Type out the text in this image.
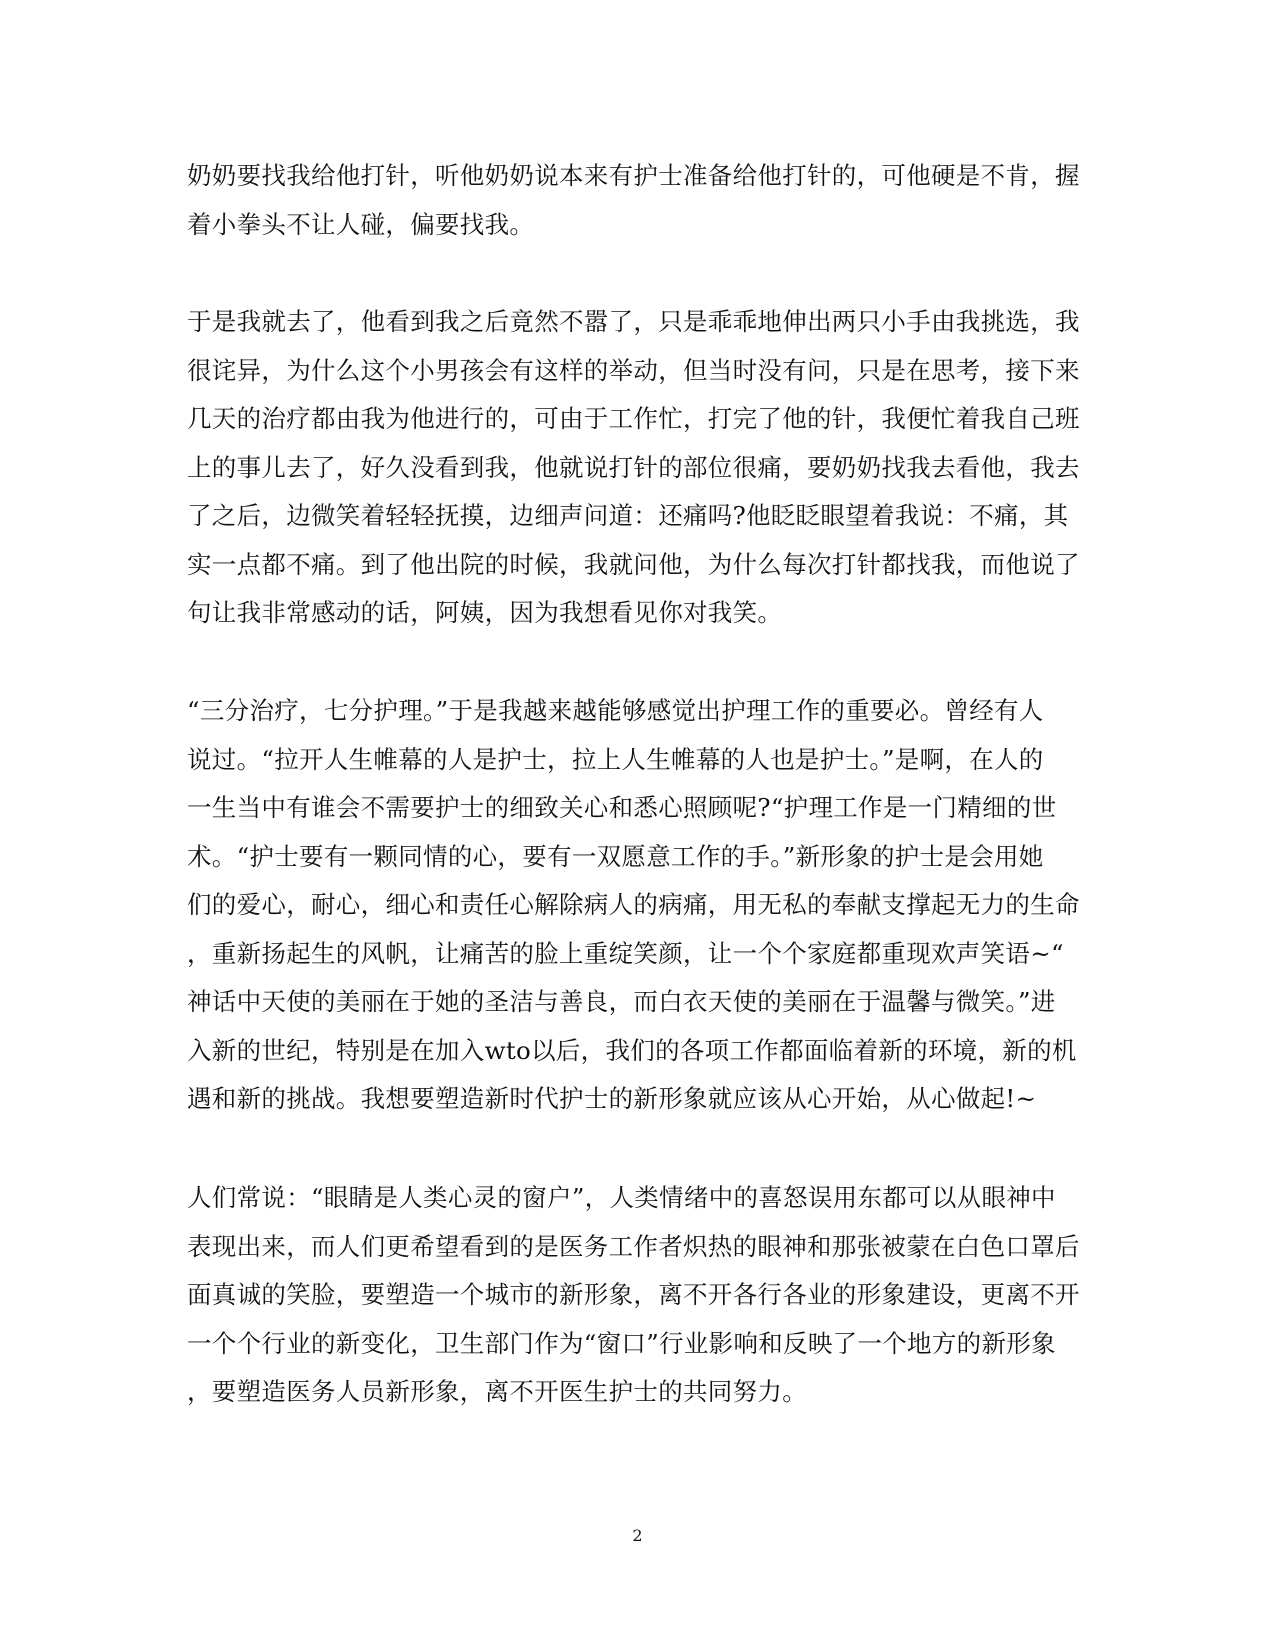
奶奶要找我给他打针，听他奶奶说本来有护士准备给他打针的，可他硬是不肯，握
着小拳头不让人碰，偏要找我。
于是我就去了，他看到我之后竟然不嚣了，只是乖乖地伸出两只小手由我挑选，我
很诧异，为什么这个小男孩会有这样的举动，但当时没有问，只是在思考，接下来
几天的治疗都由我为他进行的，可由于工作忙，打完了他的针，我便忙着我自己班
上的事儿去了，好久没看到我，他就说打针的部位很痛，要奶奶找我去看他，我去
了之后，边微笑着轻轻抚摸，边细声问道：还痛吗?他眨眨眼望着我说：不痛，其
实一点都不痛。到了他出院的时候，我就问他，为什么每次打针都找我，而他说了
句让我非常感动的话，阿姨，因为我想看见你对我笑。
“三分治疗，七分护理。”于是我越来越能够感觉出护理工作的重要必。曾经有人
说过。“拉开人生帷幕的人是护士，拉上人生帷幕的人也是护士。”是啊，在人的
一生当中有谁会不需要护士的细致关心和悉心照顾呢?“护理工作是一门精细的世
术。“护士要有一颗同情的心，要有一双愿意工作的手。”新形象的护士是会用她
们的爱心，耐心，细心和责任心解除病人的病痛，用无私的奉献支撑起无力的生命
，重新扬起生的风帆，让痛苦的脸上重绽笑颜，让一个个家庭都重现欢声笑语~“
神话中天使的美丽在于她的圣洁与善良，而白衣天使的美丽在于温馨与微笑。”进
入新的世纪，特别是在加入wto以后，我们的各项工作都面临着新的环境，新的机
遇和新的挑战。我想要塑造新时代护士的新形象就应该从心开始，从心做起!~
人们常说：“眼睛是人类心灵的窗户”，人类情绪中的喜怒误用东都可以从眼神中
表现出来，而人们更希望看到的是医务工作者炽热的眼神和那张被蒙在白色口罩后
面真诚的笑脸，要塑造一个城市的新形象，离不开各行各业的形象建设，更离不开
一个个行业的新变化，卫生部门作为“窗口”行业影响和反映了一个地方的新形象
，要塑造医务人员新形象，离不开医生护士的共同努力。
2
